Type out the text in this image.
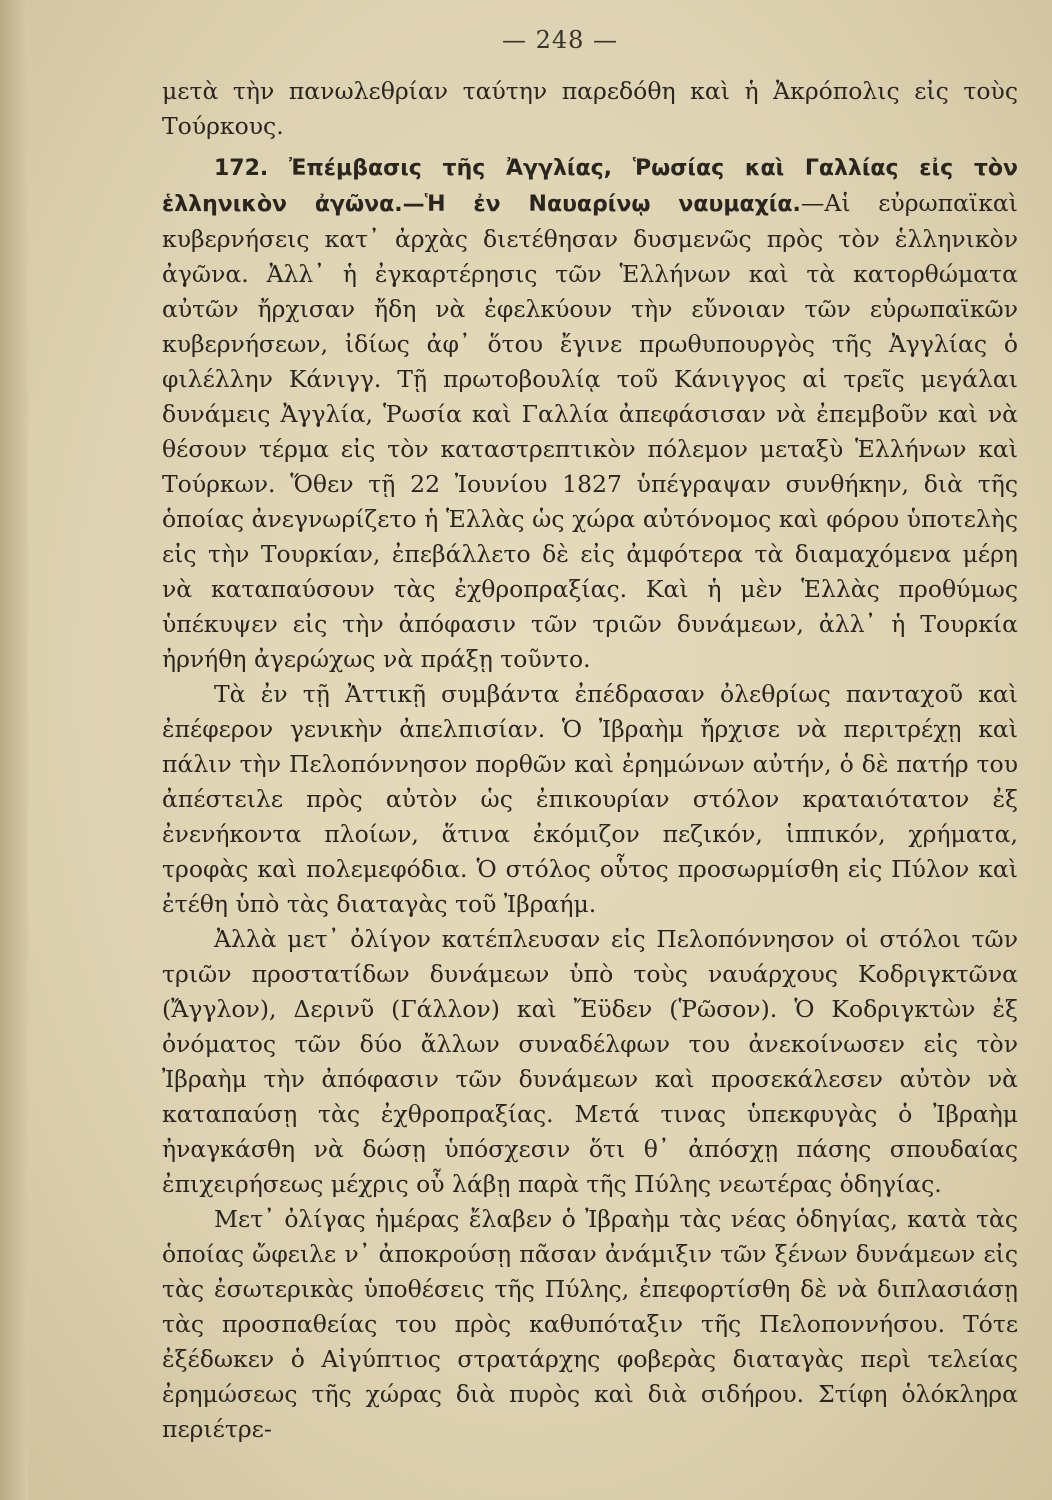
— 248 —

μετὰ τὴν πανωλεθρίαν ταύτην παρεδόθη καὶ ἡ Ἀκρόπολις εἰς τοὺς Τούρκους.

172. Ἐπέμβασις τῆς Ἀγγλίας, Ῥωσίας καὶ Γαλλίας εἰς τὸν ἑλληνικὸν ἀγῶνα.—Ἡ ἐν Ναυαρίνῳ ναυμαχία.—Αἱ εὐρωπαϊκαὶ κυβερνήσεις κατ᾽ ἀρχὰς διετέθησαν δυσμενῶς πρὸς τὸν ἑλληνικὸν ἀγῶνα. Ἀλλ᾽ ἡ ἐγκαρτέρησις τῶν Ἑλλήνων καὶ τὰ κατορθώματα αὐτῶν ἤρχισαν ἤδη νὰ ἐφελκύουν τὴν εὔνοιαν τῶν εὐρωπαϊκῶν κυβερνήσεων, ἰδίως ἀφ᾽ ὅτου ἔγινε πρωθυπουργὸς τῆς Ἀγγλίας ὁ φιλέλλην Κάνιγγ. Τῇ πρωτοβουλίᾳ τοῦ Κάνιγγος αἱ τρεῖς μεγάλαι δυνάμεις Ἀγγλία, Ῥωσία καὶ Γαλλία ἀπεφάσισαν νὰ ἐπεμβοῦν καὶ νὰ θέσουν τέρμα εἰς τὸν καταστρεπτικὸν πόλεμον μεταξὺ Ἑλλήνων καὶ Τούρκων. Ὅθεν τῇ 22 Ἰουνίου 1827 ὑπέγραψαν συνθήκην, διὰ τῆς ὁποίας ἀνεγνωρίζετο ἡ Ἑλλὰς ὡς χώρα αὐτόνομος καὶ φόρου ὑποτελὴς εἰς τὴν Τουρκίαν, ἐπεβάλλετο δὲ εἰς ἀμφότερα τὰ διαμαχόμενα μέρη νὰ καταπαύσουν τὰς ἐχθροπραξίας. Καὶ ἡ μὲν Ἑλλὰς προθύμως ὑπέκυψεν εἰς τὴν ἀπόφασιν τῶν τριῶν δυνάμεων, ἀλλ᾽ ἡ Τουρκία ἠρνήθη ἀγερώχως νὰ πράξῃ τοῦντο.

Τὰ ἐν τῇ Ἀττικῇ συμβάντα ἐπέδρασαν ὀλεθρίως πανταχοῦ καὶ ἐπέφερον γενικὴν ἀπελπισίαν. Ὁ Ἰβραὴμ ἤρχισε νὰ περιτρέχῃ καὶ πάλιν τὴν Πελοπόννησον πορθῶν καὶ ἐρημώνων αὐτήν, ὁ δὲ πατήρ του ἀπέστειλε πρὸς αὐτὸν ὡς ἐπικουρίαν στόλον κραταιότατον ἐξ ἐνενήκοντα πλοίων, ἅτινα ἐκόμιζον πεζικόν, ἱππικόν, χρήματα, τροφὰς καὶ πολεμεφόδια. Ὁ στόλος οὗτος προσωρμίσθη εἰς Πύλον καὶ ἐτέθη ὑπὸ τὰς διαταγὰς τοῦ Ἰβραήμ.

Ἀλλὰ μετ᾽ ὀλίγον κατέπλευσαν εἰς Πελοπόννησον οἱ στόλοι τῶν τριῶν προστατίδων δυνάμεων ὑπὸ τοὺς ναυάρχους Κοδριγκτῶνα (Ἄγγλον), Δερινῦ (Γάλλον) καὶ Ἔϋδεν (Ῥῶσον). Ὁ Κοδριγκτὼν ἐξ ὀνόματος τῶν δύο ἄλλων συναδέλφων του ἀνεκοίνωσεν εἰς τὸν Ἰβραὴμ τὴν ἀπόφασιν τῶν δυνάμεων καὶ προσεκάλεσεν αὐτὸν νὰ καταπαύσῃ τὰς ἐχθροπραξίας. Μετά τινας ὑπεκφυγὰς ὁ Ἰβραὴμ ἠναγκάσθη νὰ δώσῃ ὑπόσχεσιν ὅτι θ᾽ ἀπόσχῃ πάσης σπουδαίας ἐπιχειρήσεως μέχρις οὗ λάβῃ παρὰ τῆς Πύλης νεωτέρας ὁδηγίας.

Μετ᾽ ὀλίγας ἡμέρας ἔλαβεν ὁ Ἰβραὴμ τὰς νέας ὁδηγίας, κατὰ τὰς ὁποίας ὤφειλε ν᾽ ἀποκρούσῃ πᾶσαν ἀνάμιξιν τῶν ξένων δυνάμεων εἰς τὰς ἐσωτερικὰς ὑποθέσεις τῆς Πύλης, ἐπεφορτίσθη δὲ νὰ διπλασιάσῃ τὰς προσπαθείας του πρὸς καθυπόταξιν τῆς Πελοποννήσου. Τότε ἐξέδωκεν ὁ Αἰγύπτιος στρατάρχης φοβερὰς διαταγὰς περὶ τελείας ἐρημώσεως τῆς χώρας διὰ πυρὸς καὶ διὰ σιδήρου. Στίφη ὁλόκληρα περιέτρε-
